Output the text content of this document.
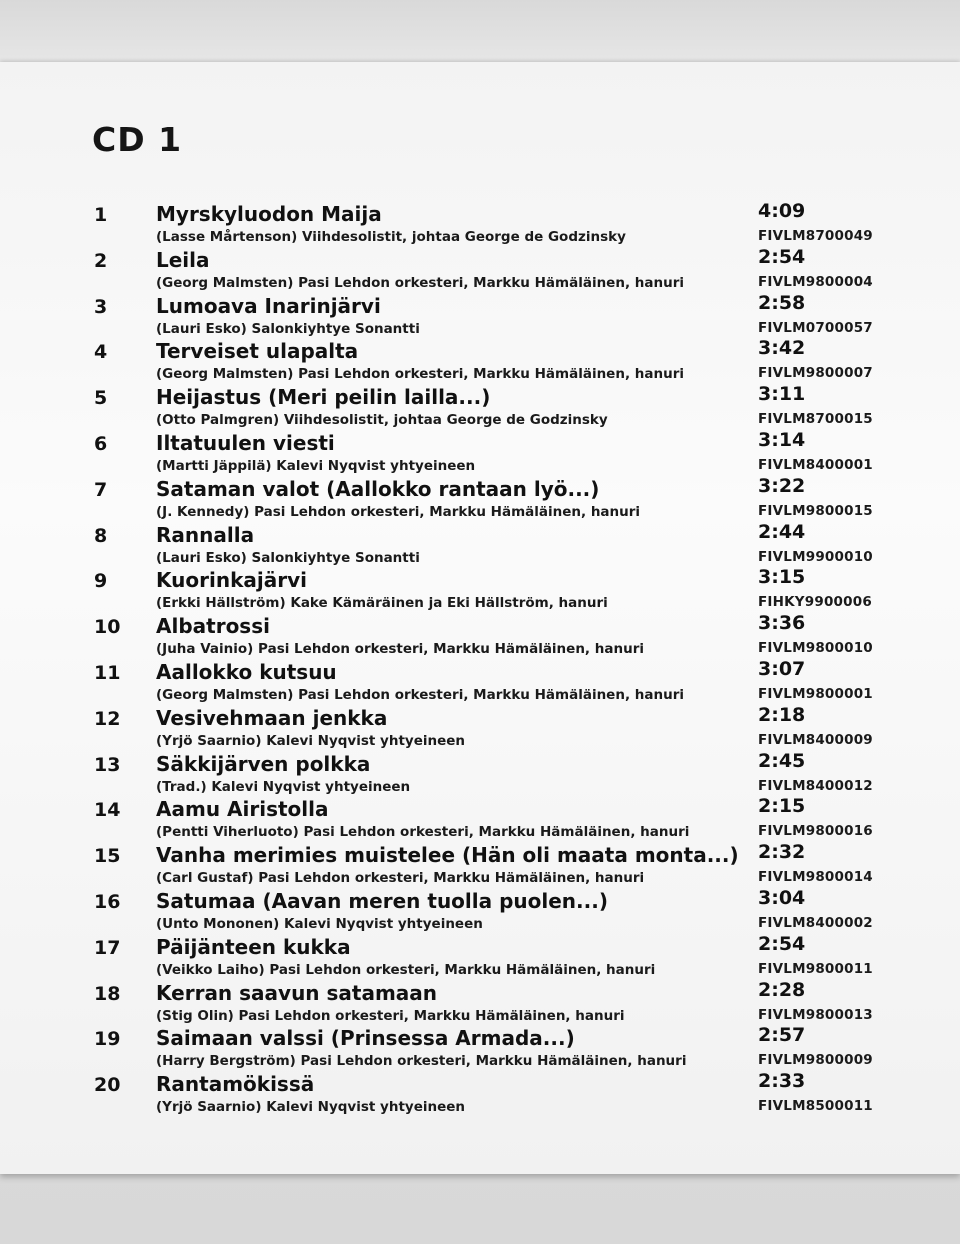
CD 1
1 Myrskyluodon Maija
(Lasse Mårtenson) Viihdesolistit, johtaa George de Godzinsky
4:09
FIVLM8700049
2 Leila
(Georg Malmsten) Pasi Lehdon orkesteri, Markku Hämäläinen, hanuri
2:54
FIVLM9800004
3 Lumoava Inarinjärvi
(Lauri Esko) Salonkiyhtye Sonantti
2:58
FIVLM0700057
4 Terveiset ulapalta
(Georg Malmsten) Pasi Lehdon orkesteri, Markku Hämäläinen, hanuri
3:42
FIVLM9800007
5 Heijastus (Meri peilin lailla...)
(Otto Palmgren) Viihdesolistit, johtaa George de Godzinsky
3:11
FIVLM8700015
6 Iltatuulen viesti
(Martti Jäppilä) Kalevi Nyqvist yhtyeineen
3:14
FIVLM8400001
7 Sataman valot (Aallokko rantaan lyö...)
(J. Kennedy) Pasi Lehdon orkesteri, Markku Hämäläinen, hanuri
3:22
FIVLM9800015
8 Rannalla
(Lauri Esko) Salonkiyhtye Sonantti
2:44
FIVLM9900010
9 Kuorinkajärvi
(Erkki Hällström) Kake Kämäräinen ja Eki Hällström, hanuri
3:15
FIHKY9900006
10 Albatrossi
(Juha Vainio) Pasi Lehdon orkesteri, Markku Hämäläinen, hanuri
3:36
FIVLM9800010
11 Aallokko kutsuu
(Georg Malmsten) Pasi Lehdon orkesteri, Markku Hämäläinen, hanuri
3:07
FIVLM9800001
12 Vesivehmaan jenkka
(Yrjö Saarnio) Kalevi Nyqvist yhtyeineen
2:18
FIVLM8400009
13 Säkkijärven polkka
(Trad.) Kalevi Nyqvist yhtyeineen
2:45
FIVLM8400012
14 Aamu Airistolla
(Pentti Viherluoto) Pasi Lehdon orkesteri, Markku Hämäläinen, hanuri
2:15
FIVLM9800016
15 Vanha merimies muistelee (Hän oli maata monta...)
(Carl Gustaf) Pasi Lehdon orkesteri, Markku Hämäläinen, hanuri
2:32
FIVLM9800014
16 Satumaa (Aavan meren tuolla puolen...)
(Unto Mononen) Kalevi Nyqvist yhtyeineen
3:04
FIVLM8400002
17 Päijänteen kukka
(Veikko Laiho) Pasi Lehdon orkesteri, Markku Hämäläinen, hanuri
2:54
FIVLM9800011
18 Kerran saavun satamaan
(Stig Olin) Pasi Lehdon orkesteri, Markku Hämäläinen, hanuri
2:28
FIVLM9800013
19 Saimaan valssi (Prinsessa Armada...)
(Harry Bergström) Pasi Lehdon orkesteri, Markku Hämäläinen, hanuri
2:57
FIVLM9800009
20 Rantamökissä
(Yrjö Saarnio) Kalevi Nyqvist yhtyeineen
2:33
FIVLM8500011
